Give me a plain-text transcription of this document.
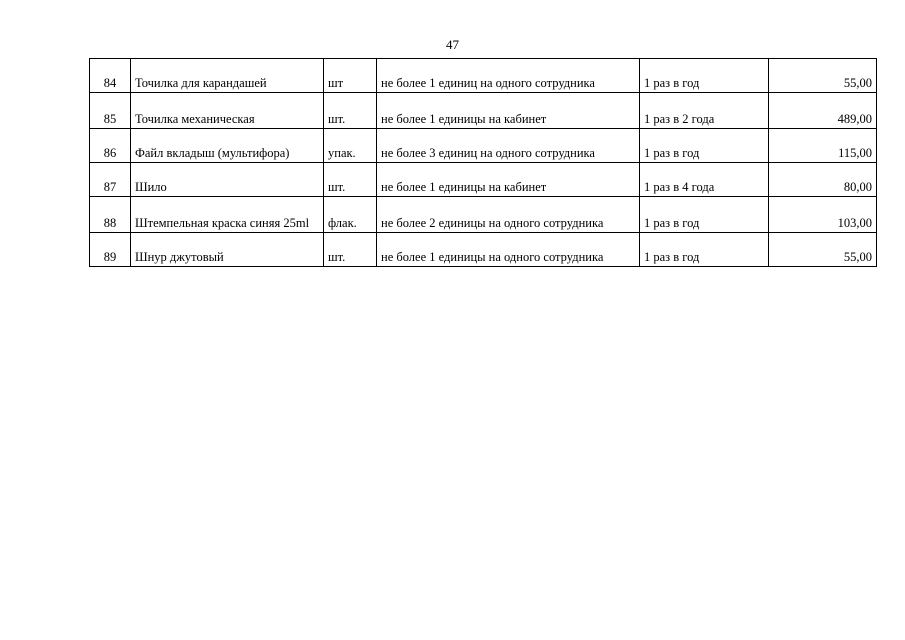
47
84	Точилка для карандашей	шт	не более 1 единиц на одного сотрудника	1 раз в год	55,00
85	Точилка механическая	шт.	не более 1 единицы на кабинет	1 раз в 2 года	489,00
86	Файл вкладыш (мультифора)	упак.	не более 3 единиц на одного сотрудника	1 раз в год	115,00
87	Шило	шт.	не более 1 единицы на кабинет	1 раз в 4 года	80,00
88	Штемпельная краска синяя 25ml	флак.	не более 2 единицы на одного сотрудника	1 раз в год	103,00
89	Шнур джутовый	шт.	не более 1 единицы на одного сотрудника	1 раз в год	55,00
